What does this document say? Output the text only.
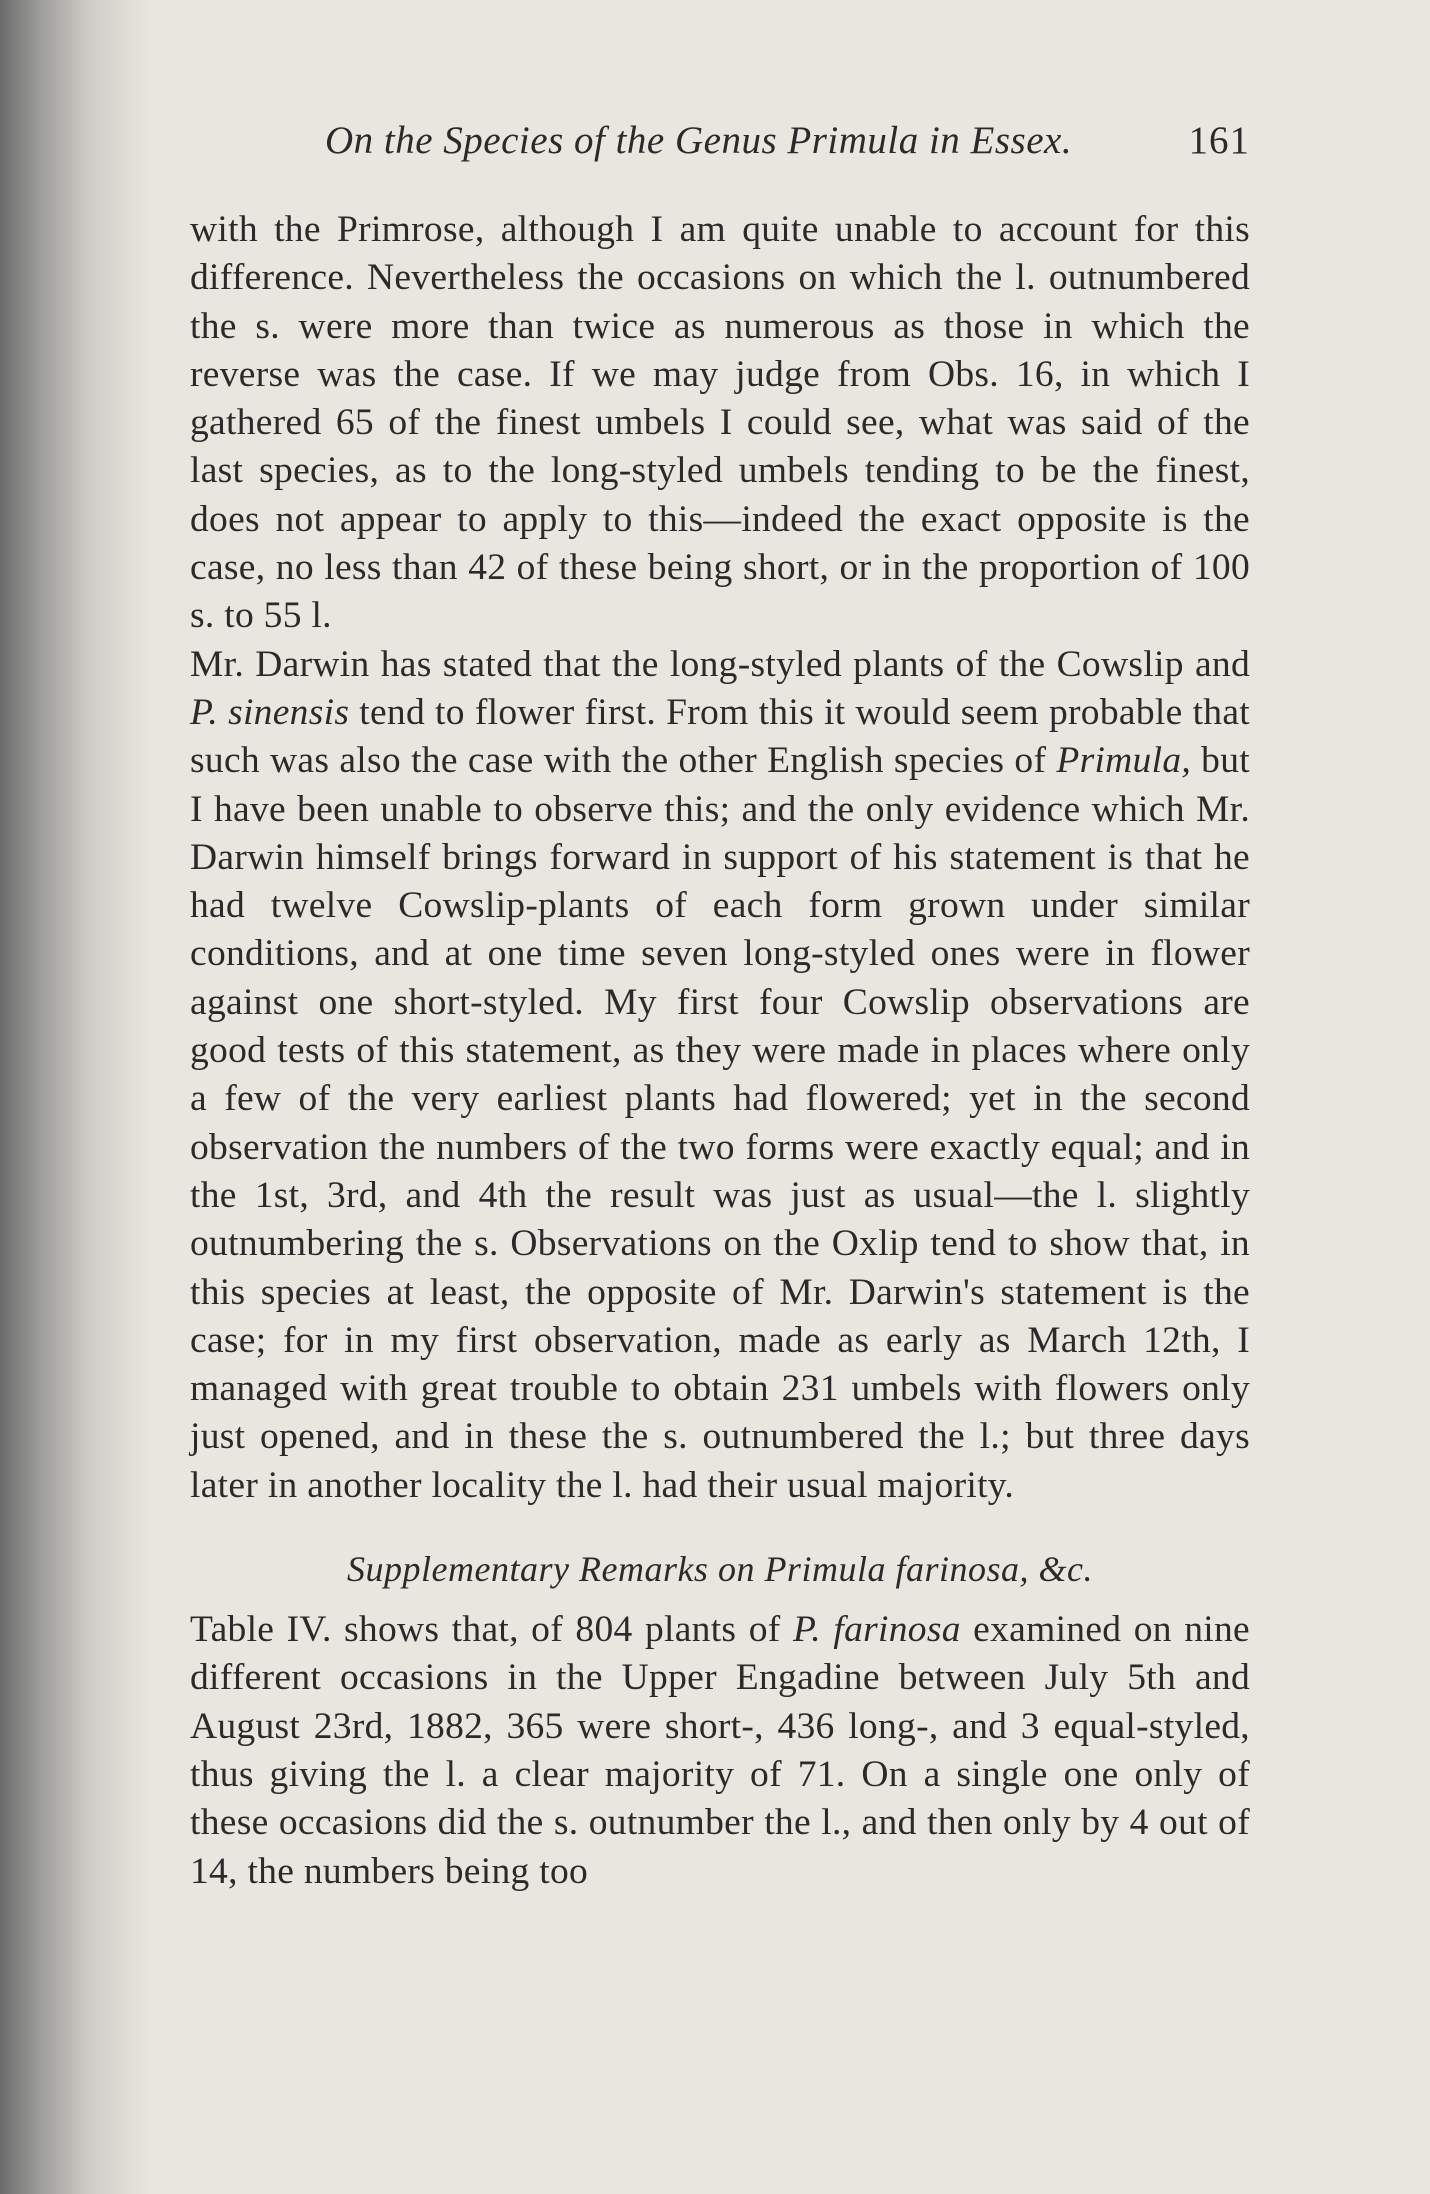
On the Species of the Genus Primula in Essex.	161

with the Primrose, although I am quite unable to account for this difference. Nevertheless the occasions on which the l. outnumbered the s. were more than twice as numerous as those in which the reverse was the case. If we may judge from Obs. 16, in which I gathered 65 of the finest umbels I could see, what was said of the last species, as to the long-styled umbels tending to be the finest, does not appear to apply to this—indeed the exact opposite is the case, no less than 42 of these being short, or in the proportion of 100 s. to 55 l.

Mr. Darwin has stated that the long-styled plants of the Cowslip and P. sinensis tend to flower first. From this it would seem probable that such was also the case with the other English species of Primula, but I have been unable to observe this; and the only evidence which Mr. Darwin himself brings forward in support of his statement is that he had twelve Cowslip-plants of each form grown under similar conditions, and at one time seven long-styled ones were in flower against one short-styled. My first four Cowslip observations are good tests of this statement, as they were made in places where only a few of the very earliest plants had flowered; yet in the second observation the numbers of the two forms were exactly equal; and in the 1st, 3rd, and 4th the result was just as usual—the l. slightly outnumbering the s. Observations on the Oxlip tend to show that, in this species at least, the opposite of Mr. Darwin's statement is the case; for in my first observation, made as early as March 12th, I managed with great trouble to obtain 231 umbels with flowers only just opened, and in these the s. outnumbered the l.; but three days later in another locality the l. had their usual majority.

Supplementary Remarks on Primula farinosa, &c.

Table IV. shows that, of 804 plants of P. farinosa examined on nine different occasions in the Upper Engadine between July 5th and August 23rd, 1882, 365 were short-, 436 long-, and 3 equal-styled, thus giving the l. a clear majority of 71. On a single one only of these occasions did the s. outnumber the l., and then only by 4 out of 14, the numbers being too
